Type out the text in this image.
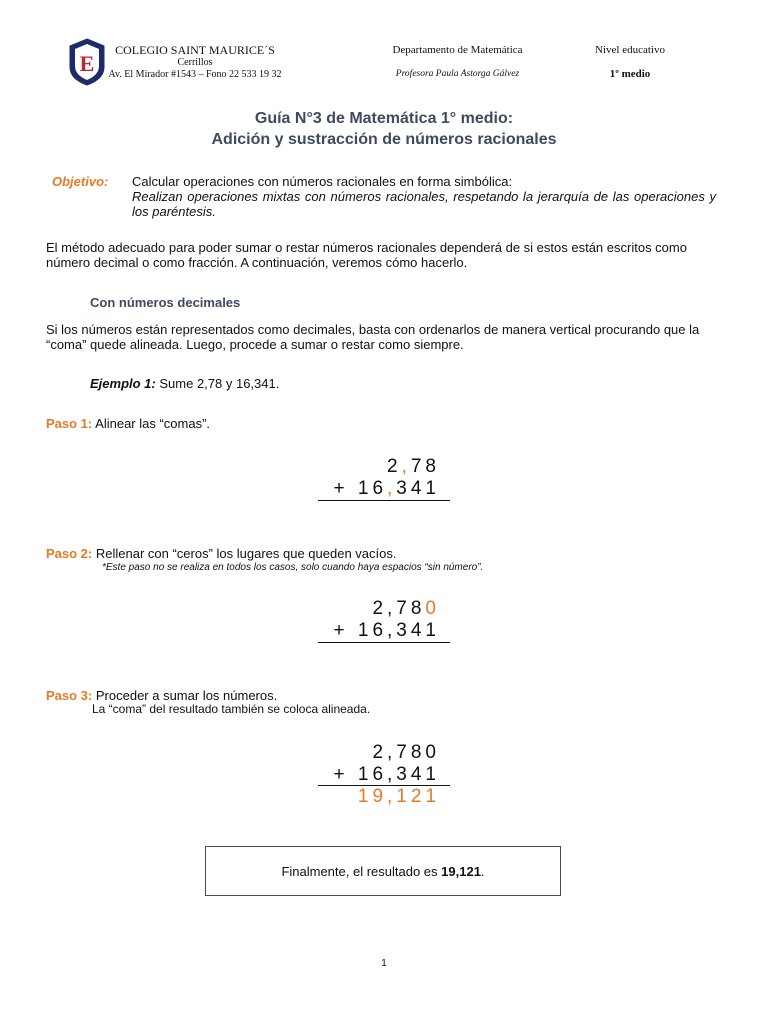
E
COLEGIO SAINT MAURICE´S
Cerrillos
Av. El Mirador #1543 – Fono 22 533 19 32
Departamento de Matemática
Profesora Paula Astorga Gálvez
Nivel educativo
1º medio
Guía N°3 de Matemática 1° medio:
Adición y sustracción de números racionales
Objetivo: Calcular operaciones con números racionales en forma simbólica:
Realizan operaciones mixtas con números racionales, respetando la jerarquía de las operaciones y los paréntesis.
El método adecuado para poder sumar o restar números racionales dependerá de si estos están escritos como número decimal o como fracción. A continuación, veremos cómo hacerlo.
Con números decimales
Si los números están representados como decimales, basta con ordenarlos de manera vertical procurando que la “coma” quede alineada. Luego, procede a sumar o restar como siempre.
Ejemplo 1: Sume 2,78 y 16,341.
Paso 1: Alinear las “comas”.
2,78
+ 16,341
Paso 2: Rellenar con “ceros” los lugares que queden vacíos.
*Este paso no se realiza en todos los casos, solo cuando haya espacios “sin número”.
2,780
+ 16,341
Paso 3: Proceder a sumar los números.
La “coma” del resultado también se coloca alineada.
2,780
+ 16,341
19,121
Finalmente, el resultado es
19,121 .
1
